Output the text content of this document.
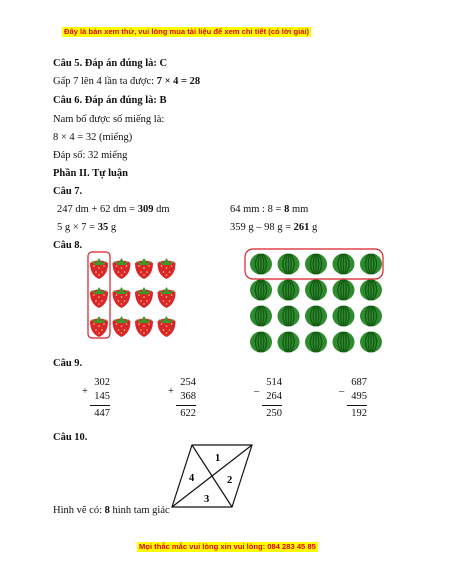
Đây là bản xem thử, vui lòng mua tài liệu để xem chi tiết (có lời giải)
Câu 5. Đáp án đúng là: C
Gấp 7 lên 4 lần ta được: 7 × 4 = 28
Câu 6. Đáp án đúng là: B
Nam bố được số miếng là:
8 × 4 = 32 (miếng)
Đáp số: 32 miếng
Phần II. Tự luận
Câu 7.
247 dm + 62 dm = 309 dm	64 mm : 8 = 8 mm
5 g × 7 = 35 g	359 g – 98 g = 261 g
Câu 8.
Câu 9.
+
302
145
447
+
254
368
622
–
514
264
250
–
687
495
192
Câu 10.
1
2
3
4
Hình vẽ có: 8 hình tam giác
Mọi thắc mắc vui lòng xin vui lòng: 084 283 45 85
